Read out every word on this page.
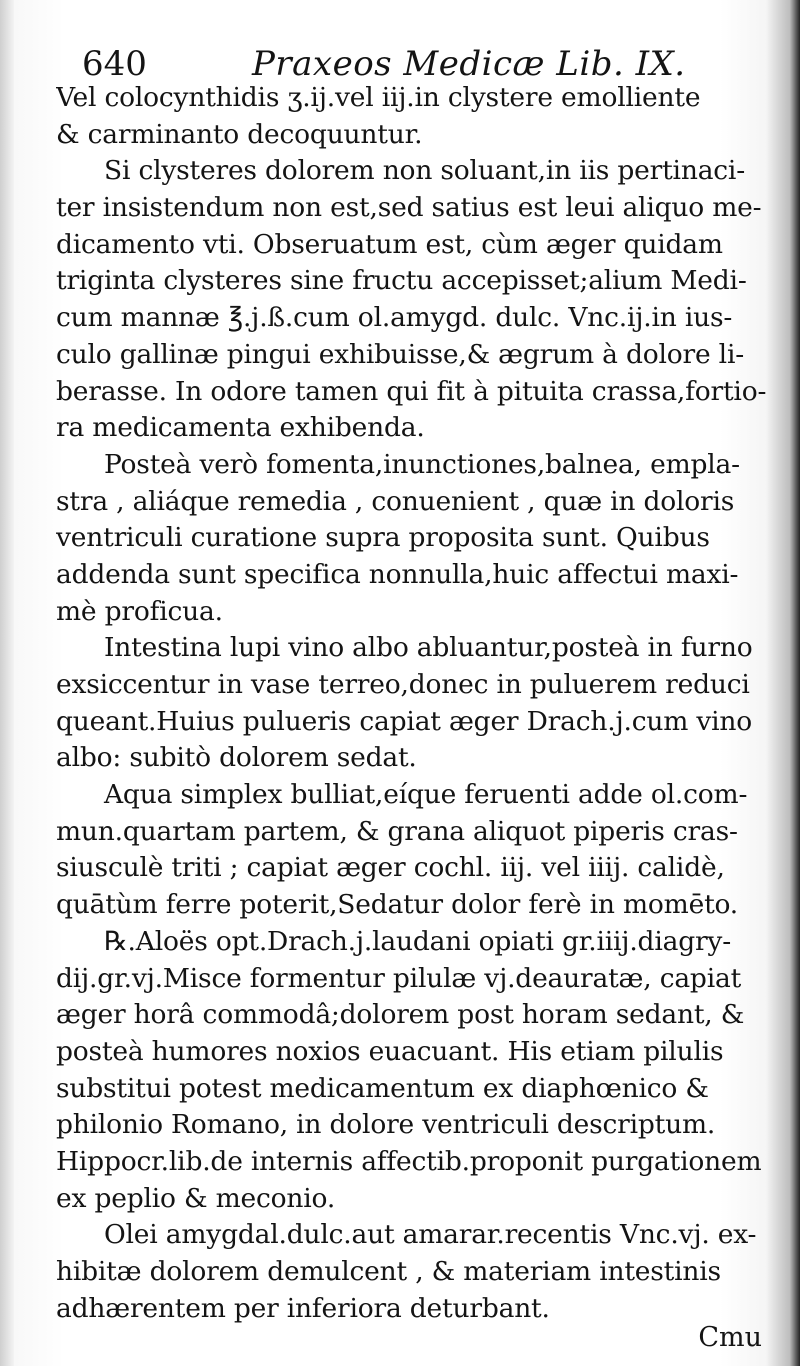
640	Praxeos Medicæ Lib. IX.
Vel colocynthidis ʒ.ij.vel iij.in clystere emolliente
& carminanto decoquuntur.
Si clysteres dolorem non soluant,in iis pertinaci-
ter insistendum non est,sed satius est leui aliquo me-
dicamento vti. Obseruatum est, cùm æger quidam
triginta clysteres sine fructu accepisset;alium Medi-
cum mannæ ℥.j.ß.cum ol.amygd. dulc. Vnc.ij.in ius-
culo gallinæ pingui exhibuisse,& ægrum à dolore li-
berasse. In odore tamen qui fit à pituita crassa,fortio-
ra medicamenta exhibenda.
Posteà verò fomenta,inunctiones,balnea, empla-
stra , aliáque remedia , conuenient , quæ in doloris
ventriculi curatione supra proposita sunt. Quibus
addenda sunt specifica nonnulla,huic affectui maxi-
mè proficua.
Intestina lupi vino albo abluantur,posteà in furno
exsiccentur in vase terreo,donec in puluerem reduci
queant.Huius pulueris capiat æger Drach.j.cum vino
albo: subitò dolorem sedat.
Aqua simplex bulliat,eíque feruenti adde ol.com-
mun.quartam partem, & grana aliquot piperis cras-
siusculè triti ; capiat æger cochl. iij. vel iiij. calidè,
quātùm ferre poterit,Sedatur dolor ferè in momēto.
℞.Aloës opt.Drach.j.laudani opiati gr.iiij.diagry-
dij.gr.vj.Misce formentur pilulæ vj.deauratæ, capiat
æger horâ commodâ;dolorem post horam sedant, &
posteà humores noxios euacuant. His etiam pilulis
substitui potest medicamentum ex diaphœnico &
philonio Romano, in dolore ventriculi descriptum.
Hippocr.lib.de internis affectib.proponit purgationem
ex peplio & meconio.
Olei amygdal.dulc.aut amarar.recentis Vnc.vj. ex-
hibitæ dolorem demulcent , & materiam intestinis
adhærentem per inferiora deturbant.
Cmu
